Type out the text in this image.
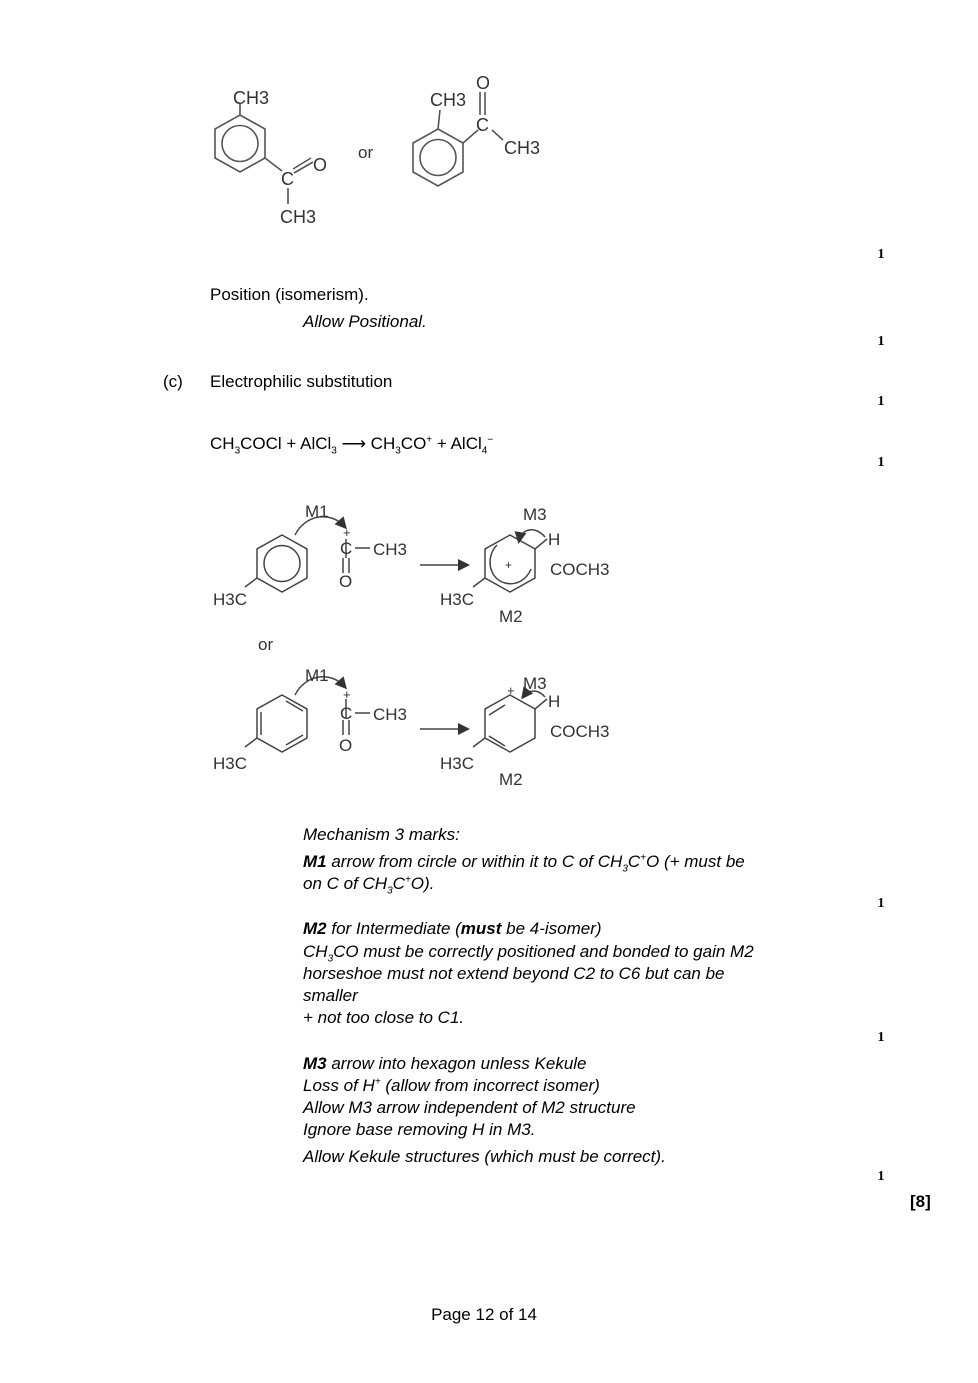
CH3
C
O
CH3
or
CH3
O
C
CH3
1
1
1
1
1
1
1
[8]
Position (isomerism).
Allow Positional.
(c) Electrophilic substitution
$CH_3COCl$ + AlCl$_3$ ⟶ $CH_3CO^+$ + AlCl$_4$−
M1
+
C CH3
O
H3C
M3
H
+ COCH3
H3C
M2
or
M1
+
C CH3
O
H3C
+ M3
H
COCH3
H3C
M2
Mechanism 3 marks:
M1 arrow from circle or within it to C of $CH_3C^+O$ (+ must be
on C of $CH_3C^+O$).
M2 for Intermediate (must be 4-isomer)
$CH_3CO$ must be correctly positioned and bonded to gain M2
horseshoe must not extend beyond C2 to C6 but can be
smaller
+ not too close to C1.
M3 arrow into hexagon unless Kekule
Loss of H+ (allow from incorrect isomer)
Allow M3 arrow independent of M2 structure
Ignore base removing H in M3.
Allow Kekule structures (which must be correct).
Page 12 of 14
